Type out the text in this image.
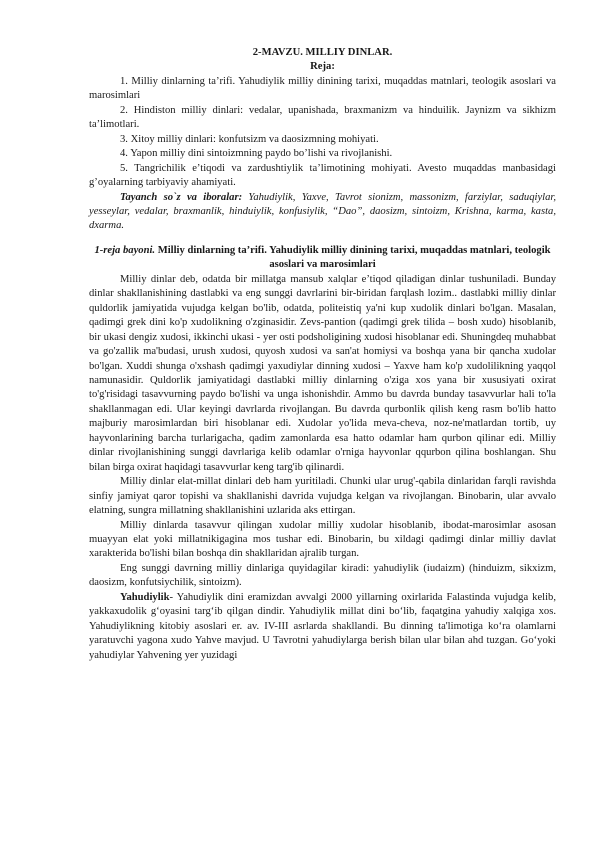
2-MAVZU. MILLIY DINLAR.

Reja:

1. Milliy dinlarning ta’rifi. Yahudiylik milliy dinining tarixi, muqaddas matnlari, teologik asoslari va marosimlari

2. Hindiston milliy dinlari: vedalar, upanishada, braxmanizm va hinduilik. Jaynizm va sikhizm ta’limotlari.

3. Xitoy milliy dinlari: konfutsizm va daosizmning mohiyati.

4. Yapon milliy dini sintoizmning paydo bo’lishi va rivojlanishi.

5. Tangrichilik e’tiqodi va zardushtiylik ta’limotining mohiyati. Avesto muqaddas manbasidagi g’oyalarning tarbiyaviy ahamiyati.

Tayanch so`z va iboralar: Yahudiylik, Yaxve, Tavrot sionizm, massonizm, farziylar, saduqiylar, yesseylar, vedalar, braxmanlik, hinduiylik, konfusiylik, “Dao”, daosizm, sintoizm, Krishna, karma, kasta, dxarma.

1-reja bayoni. Milliy dinlarning ta’rifi. Yahudiylik milliy dinining tarixi, muqaddas matnlari, teologik asoslari va marosimlari

Milliy dinlar deb, odatda bir millatga mansub xalqlar e’tiqod qiladigan dinlar tushuniladi. Bunday dinlar shakllanishining dastlabki va eng sunggi davrlarini bir-biridan farqlash lozim.. dastlabki milliy dinlar quldorlik jamiyatida vujudga kelgan bo'lib, odatda, politeistiq ya'ni kup xudolik dinlari bo'lgan. Masalan, qadimgi grek dini ko'p xudolikning o'zginasidir. Zevs-pantion (qadimgi grek tilida – bosh xudo) hisoblanib, bir ukasi dengiz xudosi, ikkinchi ukasi - yer osti podsholigining xudosi hisoblanar edi. Shuningdeq muhabbat va go'zallik ma'budasi, urush xudosi, quyosh xudosi va san'at homiysi va boshqa yana bir qancha xudolar bo'lgan. Xuddi shunga o'xshash qadimgi yaxudiylar dinning xudosi – Yaxve ham ko'p xudolilikning yaqqol namunasidir. Quldorlik jamiyatidagi dastlabki milliy dinlarning o'ziga xos yana bir xususiyati oxirat to'g'risidagi tasavvurning paydo bo'lishi va unga ishonishdir. Ammo bu davrda bunday tasavvurlar hali to'la shakllanmagan edi. Ular keyingi davrlarda rivojlangan. Bu davrda qurbonlik qilish keng rasm bo'lib hatto majburiy marosimlardan biri hisoblanar edi. Xudolar yo'lida meva-cheva, noz-ne'matlardan tortib, uy hayvonlarining barcha turlarigacha, qadim zamonlarda esa hatto odamlar ham qurbon qilinar edi. Milliy dinlar rivojlanishining sunggi davrlariga kelib odamlar o'rniga hayvonlar qqurbon qilina boshlangan. Shu bilan birga oxirat haqidagi tasavvurlar keng targ'ib qilinardi.

Milliy dinlar elat-millat dinlari deb ham yuritiladi. Chunki ular urug'-qabila dinlaridan farqli ravishda sinfiy jamiyat qaror topishi va shakllanishi davrida vujudga kelgan va rivojlangan. Binobarin, ular avvalo elatning, sungra millatning shakllanishini uzlarida aks ettirgan.

Milliy dinlarda tasavvur qilingan xudolar milliy xudolar hisoblanib, ibodat-marosimlar asosan muayyan elat yoki millatnikigagina mos tushar edi. Binobarin, bu xildagi qadimgi dinlar milliy davlat xarakterida bo'lishi bilan boshqa din shakllaridan ajralib turgan.

Eng sunggi davrning milliy dinlariga quyidagilar kiradi: yahudiylik (iudaizm) (hinduizm, sikxizm, daosizm, konfutsiychilik, sintoizm).

Yahudiylik- Yahudiylik dini eramizdan avvalgi 2000 yillarning oxirlarida Falastinda vujudga kelib, yakkaxudolik g‘oyasini targ‘ib qilgan dindir. Yahudiylik millat dini bo‘lib, faqatgina yahudiy xalqiga xos. Yahudiylikning kitobiy asoslari er. av. IV-III asrlarda shakllandi. Bu dinning ta'limotiga ko‘ra olamlarni yaratuvchi yagona xudo Yahve mavjud. U Tavrotni yahudiylarga berish bilan ular bilan ahd tuzgan. Go‘yoki yahudiylar Yahvening yer yuzidagi
